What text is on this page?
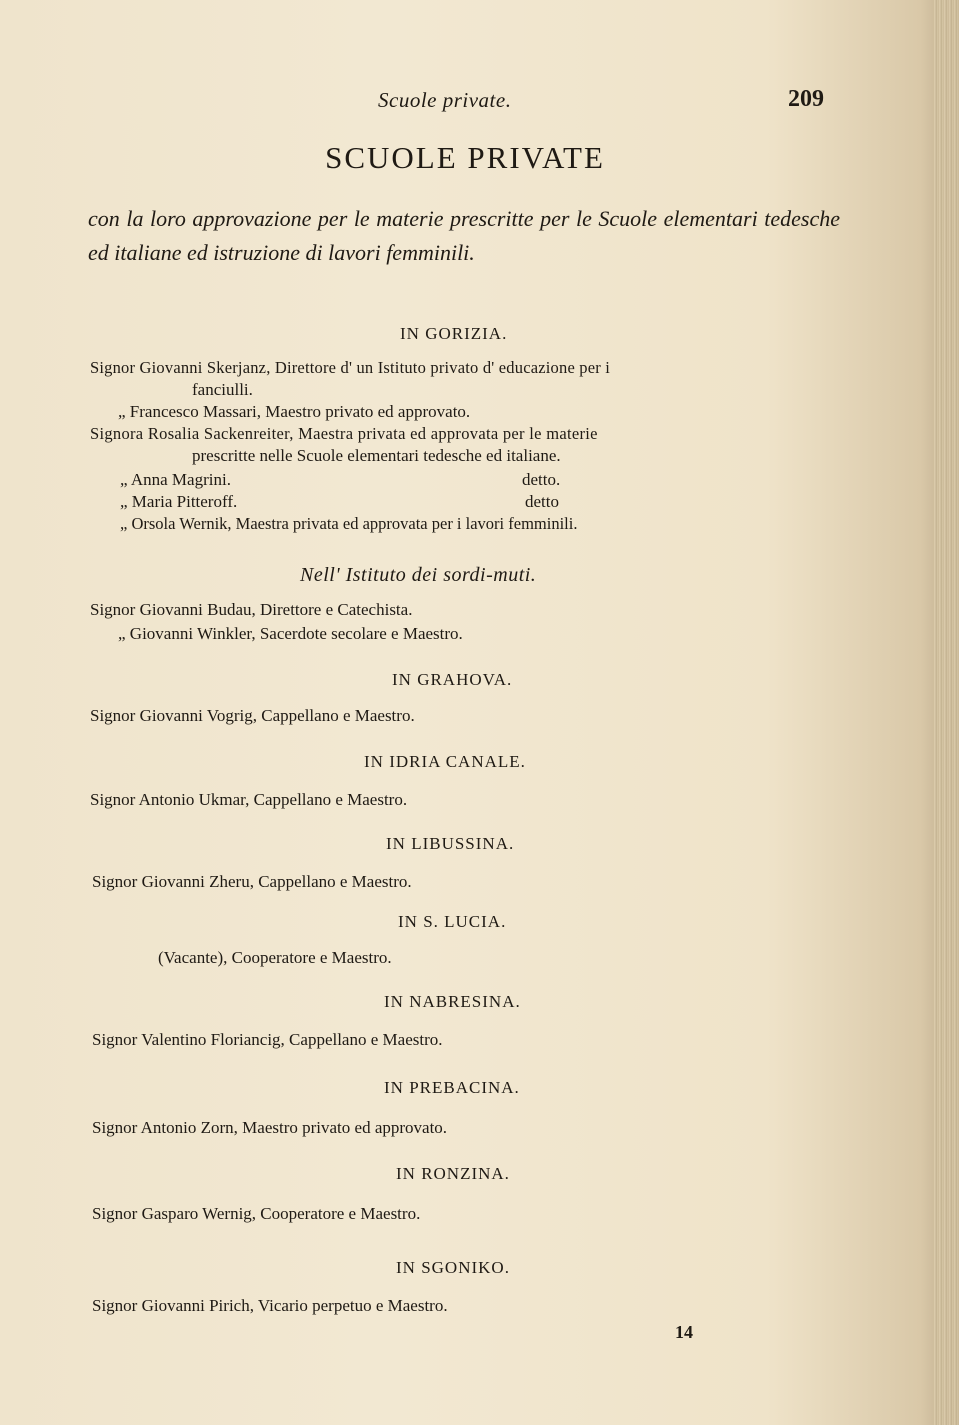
Scuole private.	209
SCUOLE PRIVATE
con la loro approvazione per le materie prescritte per le Scuole elementari tedesche ed italiane ed istruzione di lavori femminili.
IN GORIZIA.
Signor Giovanni Skerjanz, Direttore d' un Istituto privato d' educazione per i
fanciulli.
„ Francesco Massari, Maestro privato ed approvato.
Signora Rosalia Sackenreiter, Maestra privata ed approvata per le materie
prescritte nelle Scuole elementari tedesche ed italiane.
„ Anna Magrini.	detto.
„ Maria Pitteroff.	detto
„ Orsola Wernik, Maestra privata ed approvata per i lavori femminili.
Nell' Istituto dei sordi-muti.
Signor Giovanni Budau, Direttore e Catechista.
„ Giovanni Winkler, Sacerdote secolare e Maestro.
IN GRAHOVA.
Signor Giovanni Vogrig, Cappellano e Maestro.
IN IDRIA CANALE.
Signor Antonio Ukmar, Cappellano e Maestro.
IN LIBUSSINA.
Signor Giovanni Zheru, Cappellano e Maestro.
IN S. LUCIA.
(Vacante), Cooperatore e Maestro.
IN NABRESINA.
Signor Valentino Floriancig, Cappellano e Maestro.
IN PREBACINA.
Signor Antonio Zorn, Maestro privato ed approvato.
IN RONZINA.
Signor Gasparo Wernig, Cooperatore e Maestro.
IN SGONIKO.
Signor Giovanni Pirich, Vicario perpetuo e Maestro.
14
